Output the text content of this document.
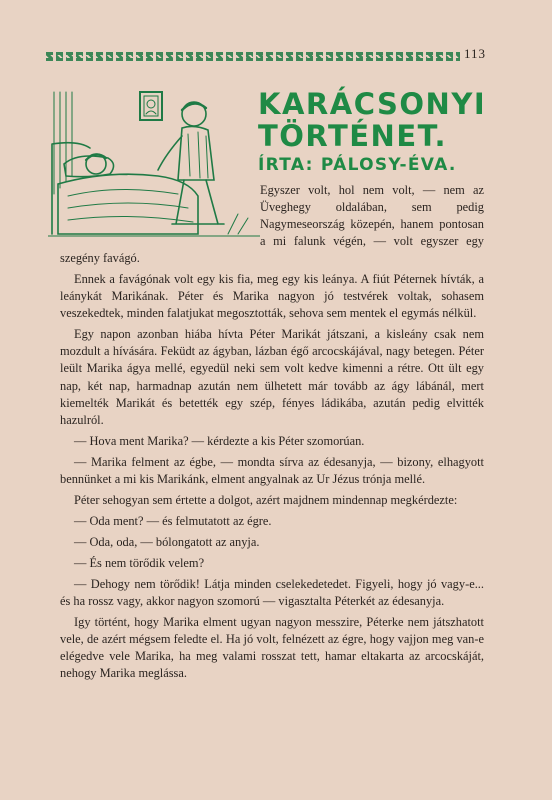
113
KARÁCSONYI
TÖRTÉNET.
ÍRTA: PÁLOSY-ÉVA.

Egyszer volt, hol nem volt, — nem az Üveghegy oldalában, sem pedig Nagymeseország közepén, hanem pontosan a mi falunk végén, — volt egyszer egy szegény favágó.

Ennek a favágónak volt egy kis fia, meg egy kis leánya. A fiút Péternek hívták, a leánykát Marikának. Péter és Marika nagyon jó testvérek voltak, sohasem veszekedtek, minden falatjukat megosztották, sehova sem mentek el egymás nélkül.

Egy napon azonban hiába hívta Péter Marikát játszani, a kisleány csak nem mozdult a hívására. Feküdt az ágyban, lázban égő arcocskájával, nagy betegen. Péter leült Marika ágya mellé, egyedül neki sem volt kedve kimenni a rétre. Ott ült egy nap, két nap, harmadnap azután nem ülhetett már tovább az ágy lábánál, mert kiemelték Marikát és betették egy szép, fényes ládikába, azután pedig elvitték hazulról.

— Hova ment Marika? — kérdezte a kis Péter szomorúan.

— Marika felment az égbe, — mondta sírva az édesanyja, — bizony, elhagyott bennünket a mi kis Marikánk, elment angyalnak az Ur Jézus trónja mellé.

Péter sehogyan sem értette a dolgot, azért majdnem mindennap megkérdezte:

— Oda ment? — és felmutatott az égre.

— Oda, oda, — bólongatott az anyja.

— És nem törődik velem?

— Dehogy nem törődik! Látja minden cselekedetedet. Figyeli, hogy jó vagy-e... és ha rossz vagy, akkor nagyon szomorú — vigasztalta Péterkét az édesanyja.

Igy történt, hogy Marika elment ugyan nagyon messzire, Péterke nem játszhatott vele, de azért mégsem feledte el. Ha jó volt, felnézett az égre, hogy vajjon meg van-e elégedve vele Marika, ha meg valami rosszat tett, hamar eltakarta az arcocskáját, nehogy Marika meglássa.
